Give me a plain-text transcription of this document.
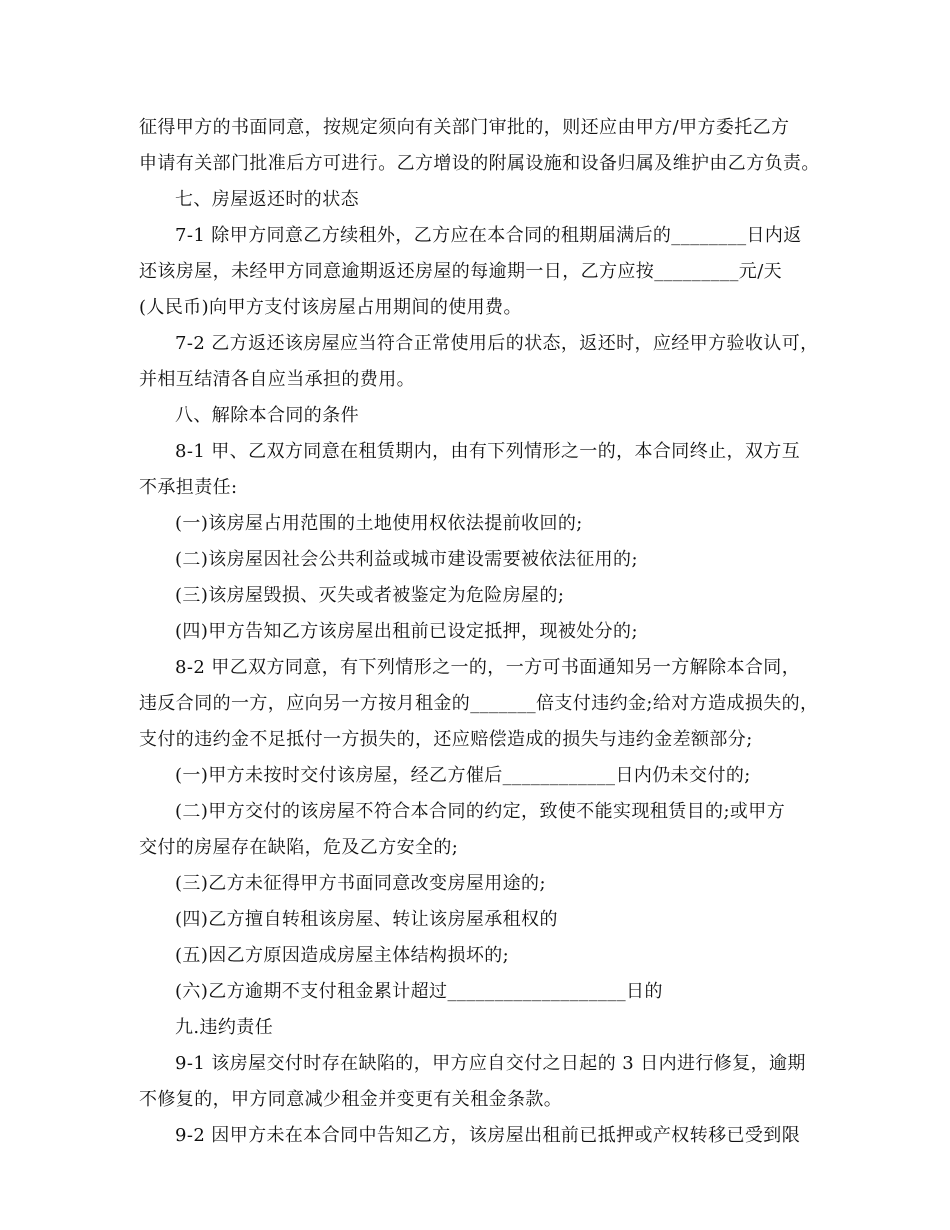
征得甲方的书面同意，按规定须向有关部门审批的，则还应由甲方/甲方委托乙方
申请有关部门批准后方可进行。乙方增设的附属设施和设备归属及维护由乙方负责。
七、房屋返还时的状态
7-1 除甲方同意乙方续租外，乙方应在本合同的租期届满后的________日内返
还该房屋，未经甲方同意逾期返还房屋的每逾期一日，乙方应按_________元/天
(人民币)向甲方支付该房屋占用期间的使用费。
7-2 乙方返还该房屋应当符合正常使用后的状态，返还时，应经甲方验收认可，
并相互结清各自应当承担的费用。
八、解除本合同的条件
8-1 甲、乙双方同意在租赁期内，由有下列情形之一的，本合同终止，双方互
不承担责任:
(一)该房屋占用范围的土地使用权依法提前收回的;
(二)该房屋因社会公共利益或城市建设需要被依法征用的;
(三)该房屋毁损、灭失或者被鉴定为危险房屋的;
(四)甲方告知乙方该房屋出租前已设定抵押，现被处分的;
8-2 甲乙双方同意，有下列情形之一的，一方可书面通知另一方解除本合同，
违反合同的一方，应向另一方按月租金的_______倍支付违约金;给对方造成损失的，
支付的违约金不足抵付一方损失的，还应赔偿造成的损失与违约金差额部分;
(一)甲方未按时交付该房屋，经乙方催后____________日内仍未交付的;
(二)甲方交付的该房屋不符合本合同的约定，致使不能实现租赁目的;或甲方
交付的房屋存在缺陷，危及乙方安全的;
(三)乙方未征得甲方书面同意改变房屋用途的;
(四)乙方擅自转租该房屋、转让该房屋承租权的
(五)因乙方原因造成房屋主体结构损坏的;
(六)乙方逾期不支付租金累计超过___________________日的
九.违约责任
9-1 该房屋交付时存在缺陷的，甲方应自交付之日起的 3 日内进行修复，逾期
不修复的，甲方同意减少租金并变更有关租金条款。
9-2 因甲方未在本合同中告知乙方，该房屋出租前已抵押或产权转移已受到限
